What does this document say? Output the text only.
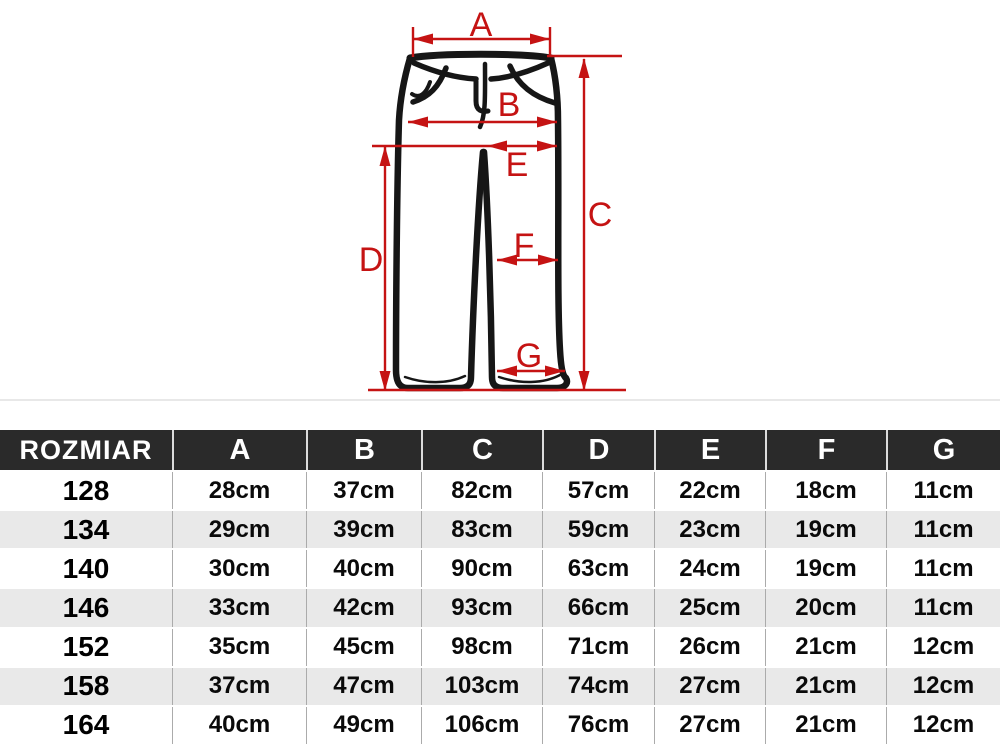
A
B
C
D
E
F
G
ROZMIAR	A	B	C	D	E	F	G
128	28cm	37cm	82cm	57cm	22cm	18cm	11cm
134	29cm	39cm	83cm	59cm	23cm	19cm	11cm
140	30cm	40cm	90cm	63cm	24cm	19cm	11cm
146	33cm	42cm	93cm	66cm	25cm	20cm	11cm
152	35cm	45cm	98cm	71cm	26cm	21cm	12cm
158	37cm	47cm	103cm	74cm	27cm	21cm	12cm
164	40cm	49cm	106cm	76cm	27cm	21cm	12cm
